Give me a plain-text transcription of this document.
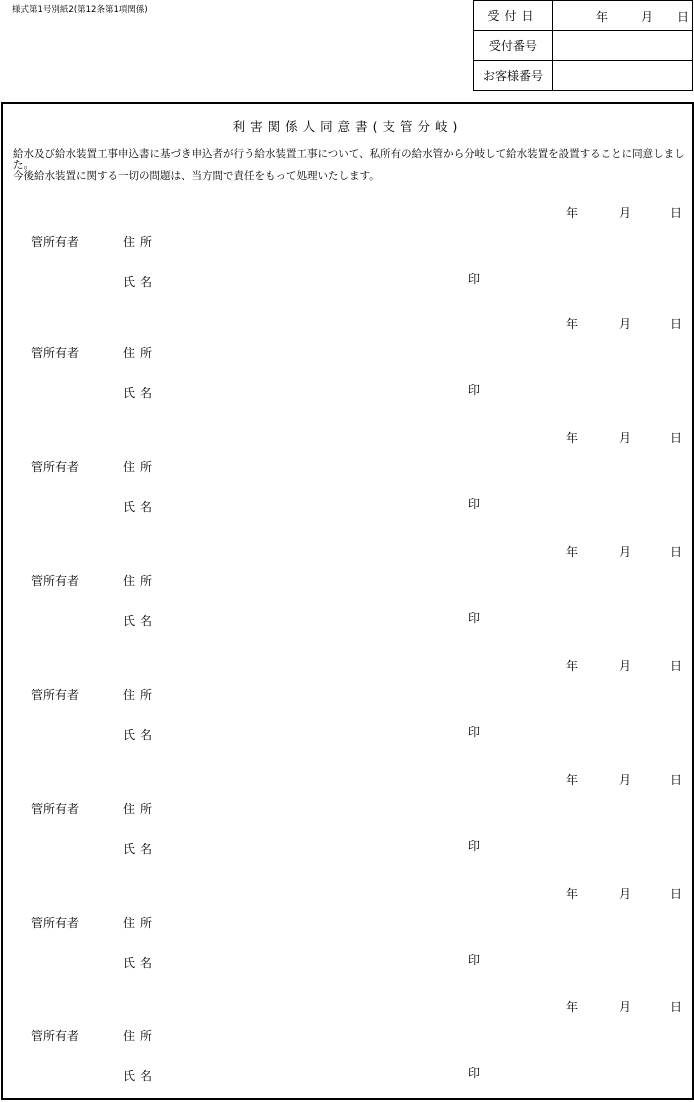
様式第1号別紙2(第12条第1項関係)	受付日	年 月 日

受付番号	
お客様番号	
利害関係人同意書(支管分岐)

給水及び給水装置工事申込書に基づき申込者が行う給水装置工事について、私所有の給水管から分岐して給水装置を設置することに同意しました。

今後給水装置に関する一切の問題は、当方間で責任をもって処理いたします。

年	月	日
管所有者	住所
氏名	印
年	月	日
管所有者	住所
氏名	印
年	月	日
管所有者	住所
氏名	印
年	月	日
管所有者	住所
氏名	印
年	月	日
管所有者	住所
氏名	印
年	月	日
管所有者	住所
氏名	印
年	月	日
管所有者	住所
氏名	印
年	月	日
管所有者	住所
氏名	印
